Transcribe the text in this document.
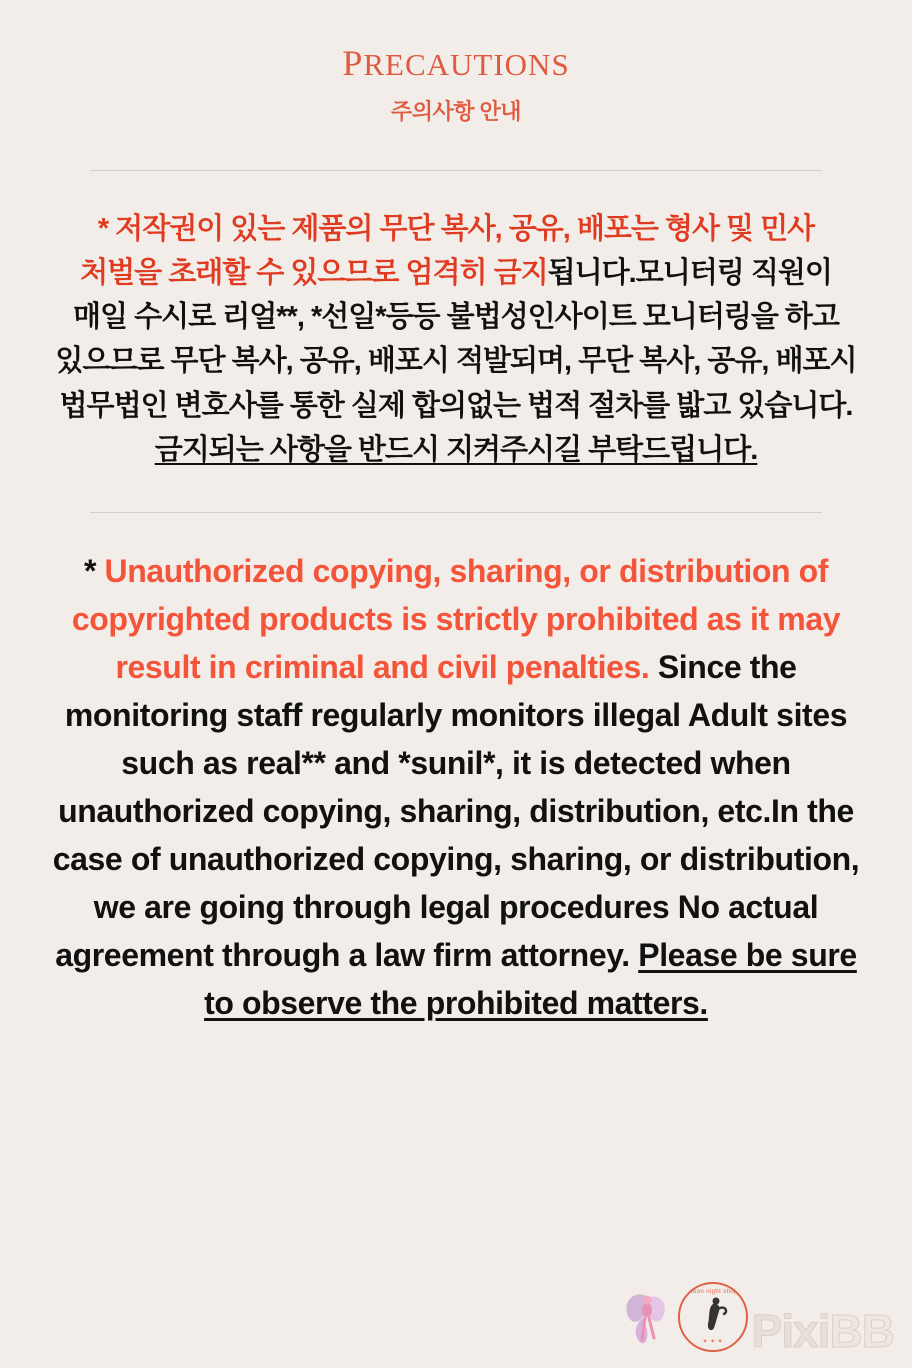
precautions
주의사항 안내
* 저작권이 있는 제품의 무단 복사, 공유, 배포는 형사 및 민사 처벌을 초래할 수 있으므로 엄격히 금지됩니다.모니터링 직원이 매일 수시로 리얼**, *선일*등등 불법성인사이트 모니터링을 하고 있으므로 무단 복사, 공유, 배포시 적발되며, 무단 복사, 공유, 배포시 법무법인 변호사를 통한 실제 합의없는 법적 절차를 밟고 있습니다. 금지되는 사항을 반드시 지켜주시길 부탁드립니다.
* Unauthorized copying, sharing, or distribution of copyrighted products is strictly prohibited as it may result in criminal and civil penalties. Since the monitoring staff regularly monitors illegal Adult sites such as real** and *sunil*, it is detected when unauthorized copying, sharing, distribution, etc.In the case of unauthorized copying, sharing, or distribution, we are going through legal procedures No actual agreement through a law firm attorney. Please be sure to observe the prohibited matters.
Moon night shop
✶ ✶ ✶ PixiBB
